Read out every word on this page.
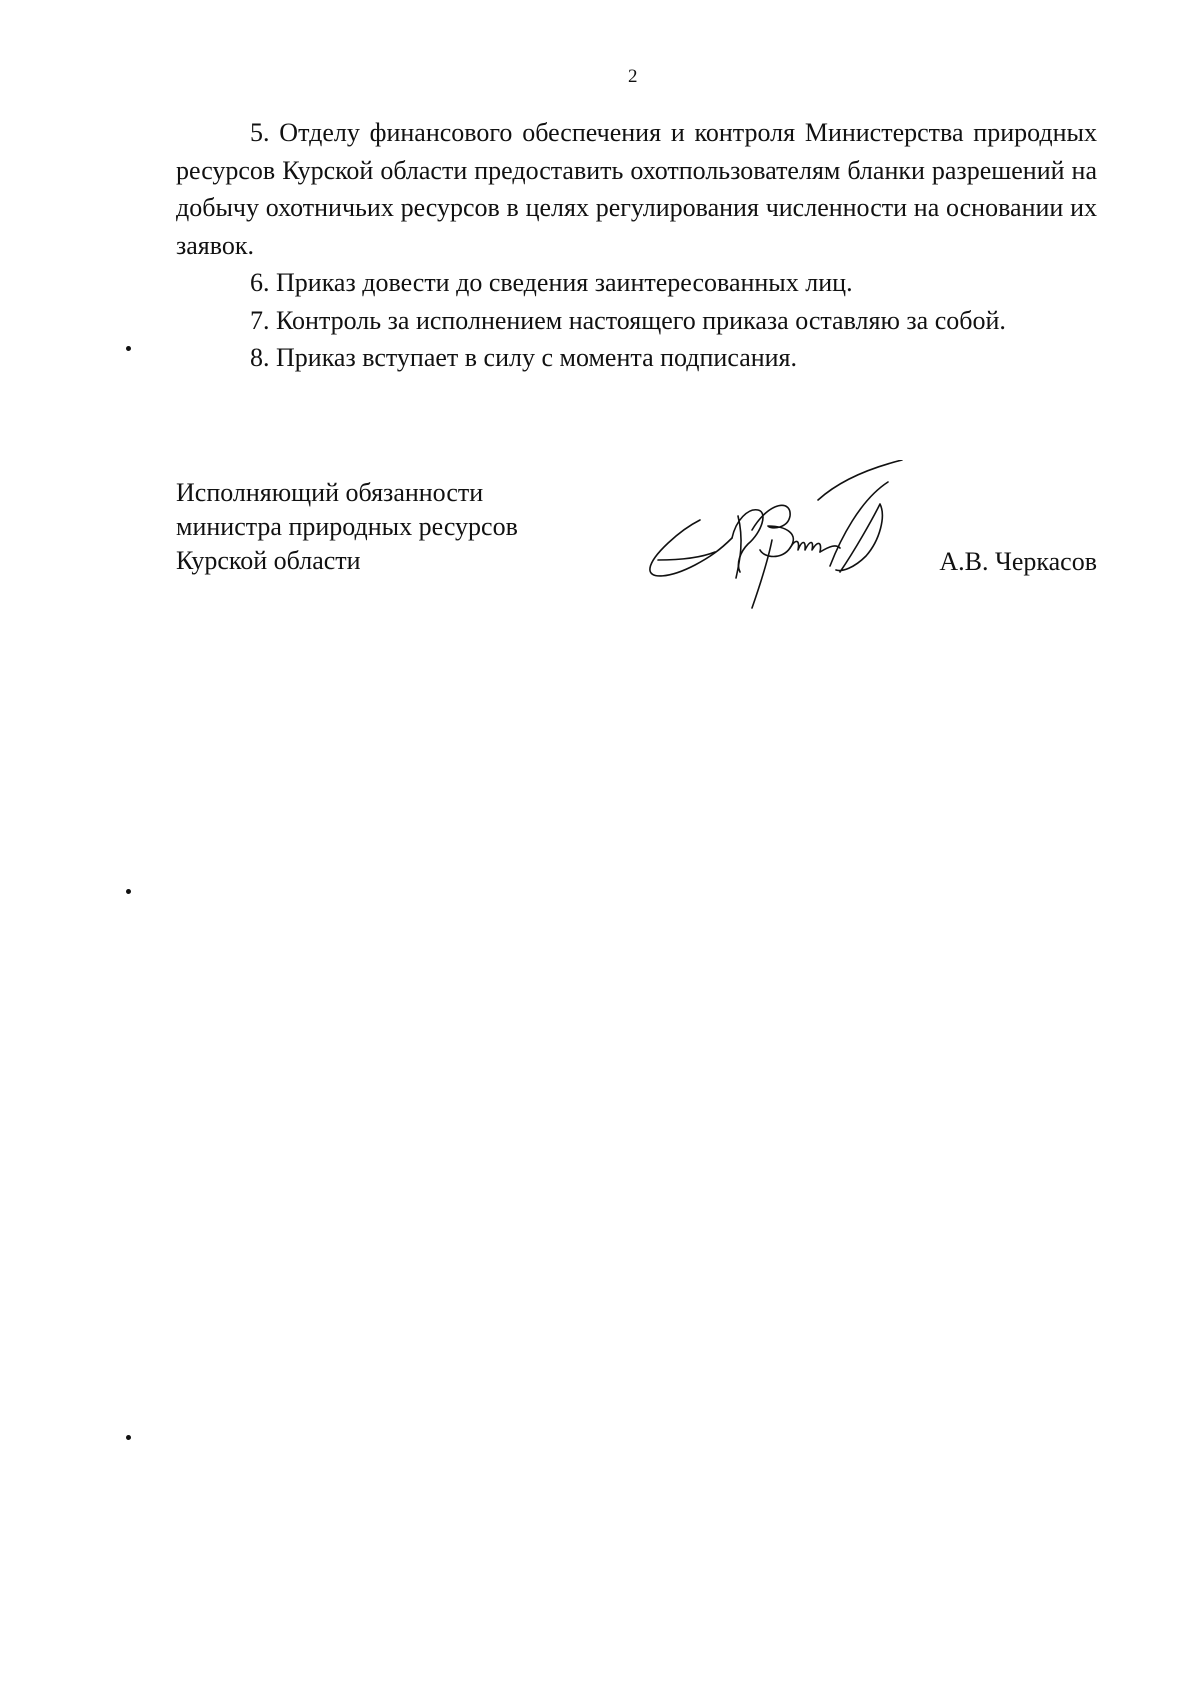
2

5. Отделу финансового обеспечения и контроля Министерства природных ресурсов Курской области предоставить охотпользователям бланки разрешений на добычу охотничьих ресурсов в целях регулирования численности на основании их заявок.

6. Приказ довести до сведения заинтересованных лиц.

7. Контроль за исполнением настоящего приказа оставляю за собой.

8. Приказ вступает в силу с момента подписания.

Исполняющий обязанности
министра природных ресурсов
Курской области	А.В. Черкасов
